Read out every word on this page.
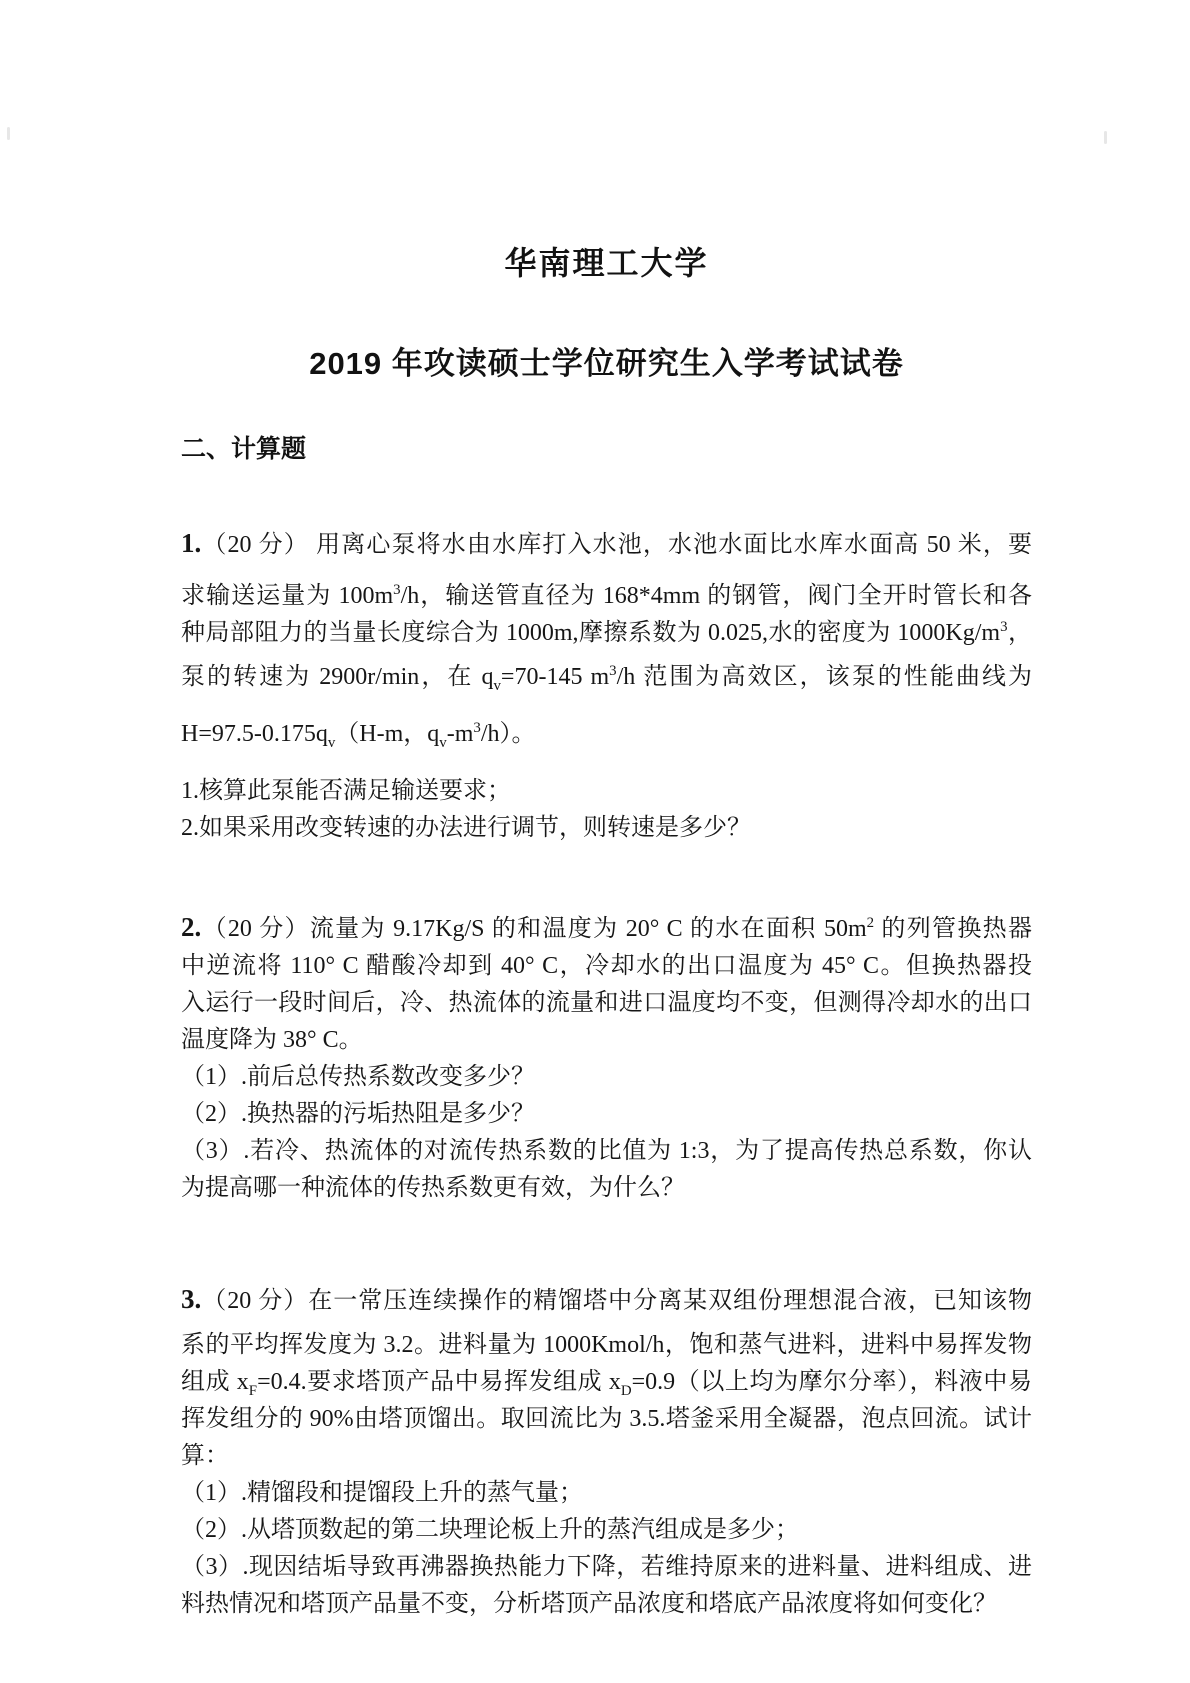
华南理工大学
2019 年攻读硕士学位研究生入学考试试卷
二、计算题
1.（20 分） 用离心泵将水由水库打入水池，水池水面比水库水面高 50 米，要
求输送运量为 $100m^3/h$，输送管直径为 168*4mm 的钢管，阀门全开时管长和各
种局部阻力的当量长度综合为 1000m,摩擦系数为 0.025,水的密度为 $1000Kg/m^3$，
泵的转速为 2900r/min，在 $q_v=70-145$ $m^3/h$ 范围为高效区，该泵的性能曲线为
$H=97.5-0.175q_v(H-m$，$q_v-m^3/h$）。
1.核算此泵能否满足输送要求；
2.如果采用改变转速的办法进行调节，则转速是多少？
2.（20 分）流量为 9.17Kg/S 的和温度为 20° C 的水在面积 $50m^2$ 的列管换热器
中逆流将 110° C 醋酸冷却到 40° C，冷却水的出口温度为 45° C。但换热器投
入运行一段时间后，冷、热流体的流量和进口温度均不变，但测得冷却水的出口
温度降为 38° C。
（1）.前后总传热系数改变多少？
（2）.换热器的污垢热阻是多少？
（3）.若冷、热流体的对流传热系数的比值为 1:3，为了提高传热总系数，你认
为提高哪一种流体的传热系数更有效，为什么？
3.（20 分）在一常压连续操作的精馏塔中分离某双组份理想混合液，已知该物
系的平均挥发度为 3.2。进料量为 1000Kmol/h，饱和蒸气进料，进料中易挥发物
组成 $x_F=0.4$.要求塔顶产品中易挥发组成 $x_D=0.9$（以上均为摩尔分率），料液中易
挥发组分的 90%由塔顶馏出。取回流比为 3.5.塔釜采用全凝器，泡点回流。试计
算：
（1）.精馏段和提馏段上升的蒸气量；
（2）.从塔顶数起的第二块理论板上升的蒸汽组成是多少；
（3）.现因结垢导致再沸器换热能力下降，若维持原来的进料量、进料组成、进
料热情况和塔顶产品量不变，分析塔顶产品浓度和塔底产品浓度将如何变化？
